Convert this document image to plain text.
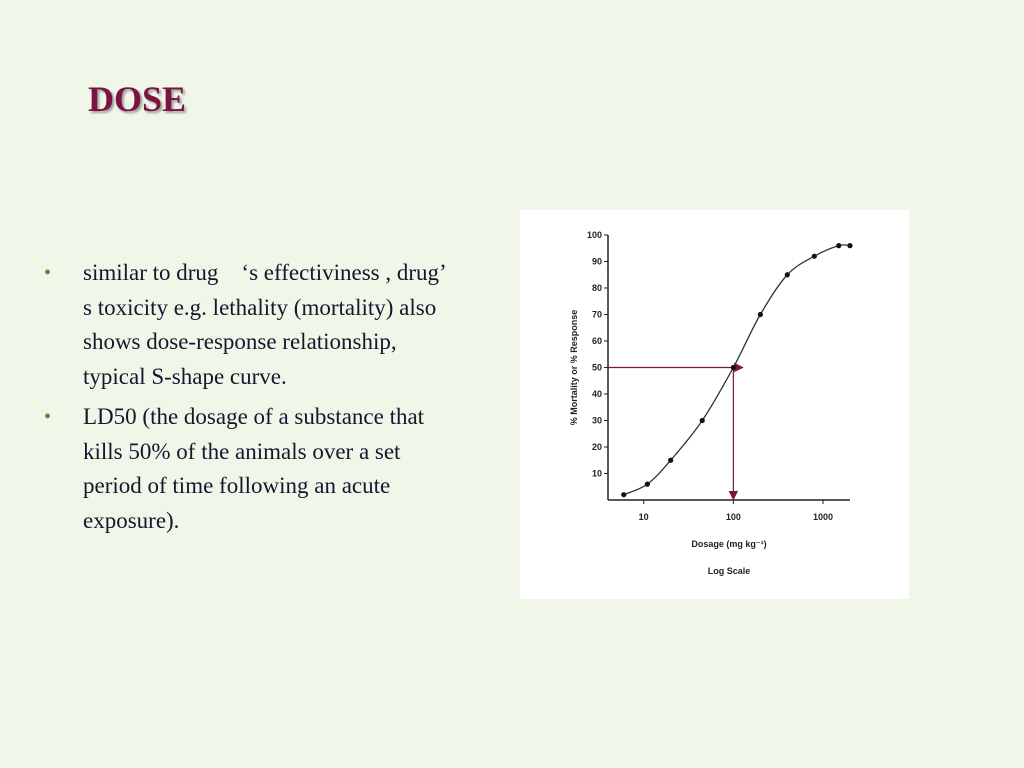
DOSE
• similar to drug　‘s effectiviness , drug’　s toxicity e.g. lethality (mortality) also shows dose-response relationship, typical S-shape curve.
• LD50 (the dosage of a substance that kills 50% of the animals over a set period of time following an acute exposure).
10
20
30
40
50
60
70
80
90
100
10	100	1000
Dosage (mg kg⁻¹)
Log Scale
% Mortality or % Response
